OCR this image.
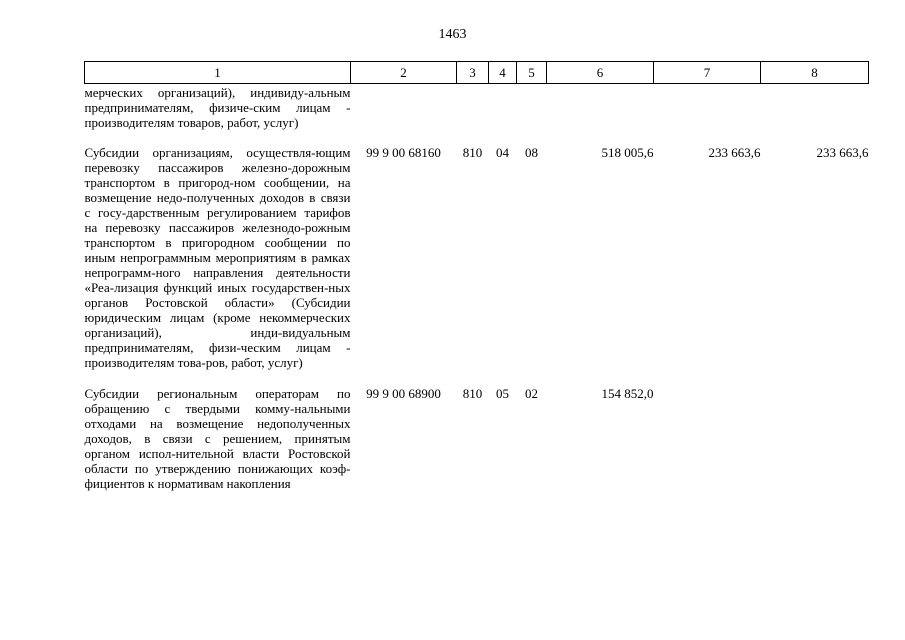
1463
1	2	3	4	5	6	7	8
мерческих организаций), индивиду-альным предпринимателям, физиче-ским лицам - производителям товаров, работ, услуг)							
Субсидии организациям, осуществля-ющим перевозку пассажиров железно-дорожным транспортом в пригород-ном сообщении, на возмещение недо-полученных доходов в связи с госу-дарственным регулированием тарифов на перевозку пассажиров железнодо-рожным транспортом в пригородном сообщении по иным непрограммным мероприятиям в рамках непрограмм-ного направления деятельности «Реа-лизация функций иных государствен-ных органов Ростовской области» (Субсидии юридическим лицам (кроме некоммерческих организаций), инди-видуальным предпринимателям, физи-ческим лицам - производителям това-ров, работ, услуг)	99 9 00 68160	810	04	08	518 005,6	233 663,6	233 663,6
Субсидии региональным операторам по обращению с твердыми комму-нальными отходами на возмещение недополученных доходов, в связи с решением, принятым органом испол-нительной власти Ростовской области по утверждению понижающих коэф-фициентов к нормативам накопления	99 9 00 68900	810	05	02	154 852,0		
